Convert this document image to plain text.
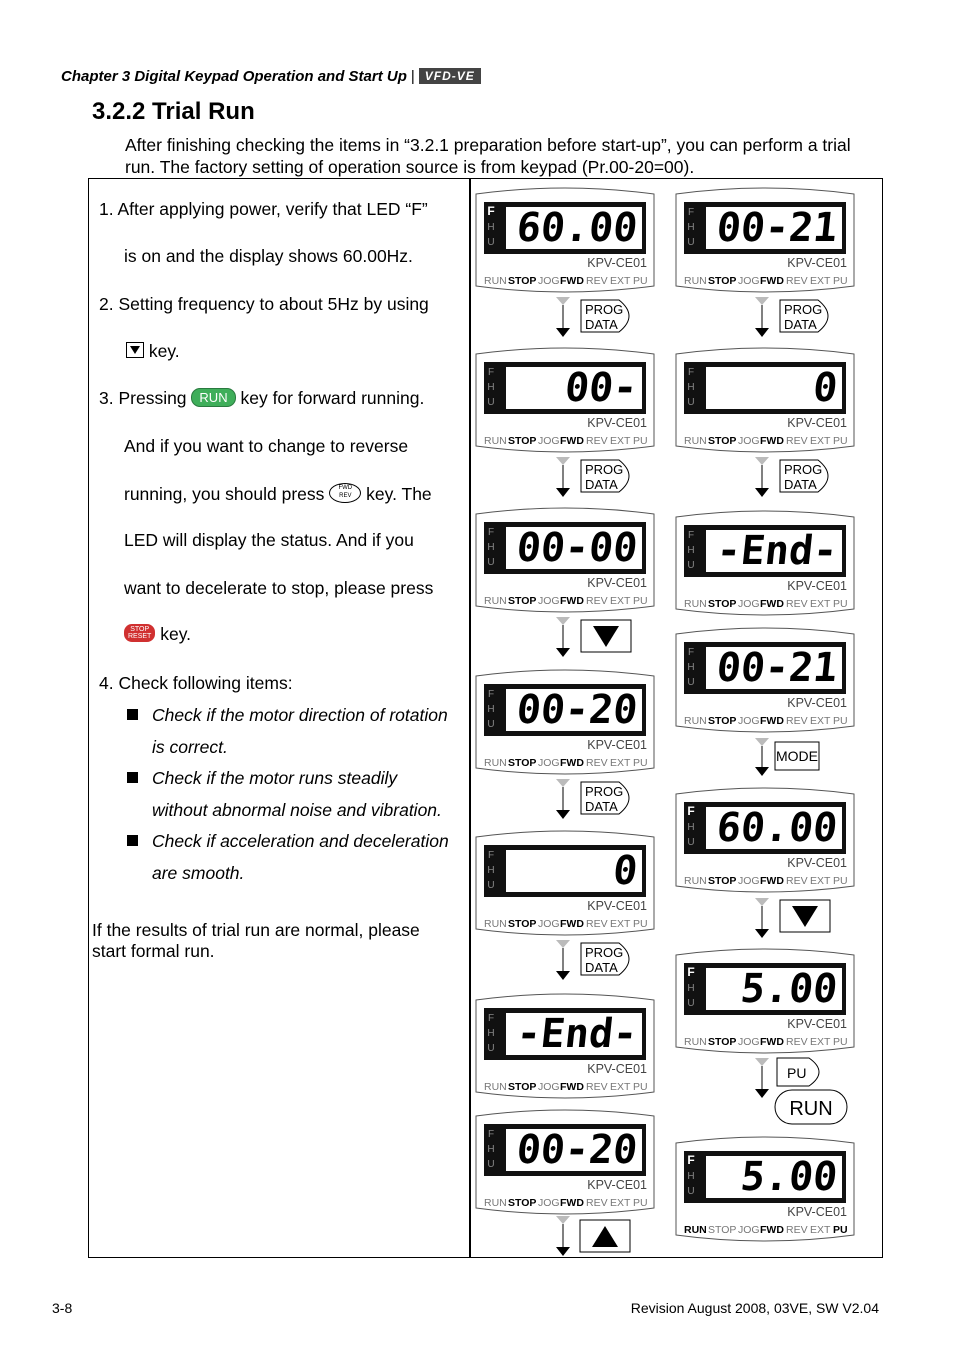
Chapter 3 Digital Keypad Operation and Start Up | VFD-VE
3.2.2 Trial Run

After finishing checking the items in “3.2.1 preparation before start-up”, you can perform a trial run. The factory setting of operation source is from keypad (Pr.00-20=00).

1. After applying power, verify that LED “F”
is on and the display shows 60.00Hz.
2. Setting frequency to about 5Hz by using
key.
3. Pressing RUN key for forward running.
And if you want to change to reverse
running, you should press FWD
REV key. The
LED will display the status. And if you
want to decelerate to stop, please press
STOP
RESET key.
4. Check following items:
Check if the motor direction of rotation
is correct.
Check if the motor runs steadily
without abnormal noise and vibration.
Check if acceleration and deceleration
are smooth.
If the results of trial run are normal, please
start formal run.
F
H
U 60.00
KPV-CE01
RUN STOP JOG FWD REV EXT PU
PROG
DATA
F
H
U 00-
KPV-CE01
RUN STOP JOG FWD REV EXT PU
PROG
DATA
F
H
U 00-00
KPV-CE01
RUN STOP JOG FWD REV EXT PU
F
H
U 00-20
KPV-CE01
RUN STOP JOG FWD REV EXT PU
PROG
DATA
F
H
U	0
KPV-CE01
RUN STOP JOG FWD REV EXT PU
PROG
DATA
F
H
U -End-
KPV-CE01
RUN STOP JOG FWD REV EXT PU
F
H
U 00-20
KPV-CE01
RUN STOP JOG FWD REV EXT PU
F
H
U 00-21
KPV-CE01
RUN STOP JOG FWD REV EXT PU
PROG
DATA
F
H
U	0
KPV-CE01
RUN STOP JOG FWD REV EXT PU
PROG
DATA
F
H
U -End-
KPV-CE01
RUN STOP JOG FWD REV EXT PU
F
H
U 00-21
KPV-CE01
RUN STOP JOG FWD REV EXT PU
MODE
F
H
U 60.00
KPV-CE01
RUN STOP JOG FWD REV EXT PU
F
H
U 5.00
KPV-CE01
RUN STOP JOG FWD REV EXT PU
PU
RUN
F
H
U 5.00
KPV-CE01
RUN STOP JOG FWD REV EXT PU
3-8	Revision August 2008, 03VE, SW V2.04
